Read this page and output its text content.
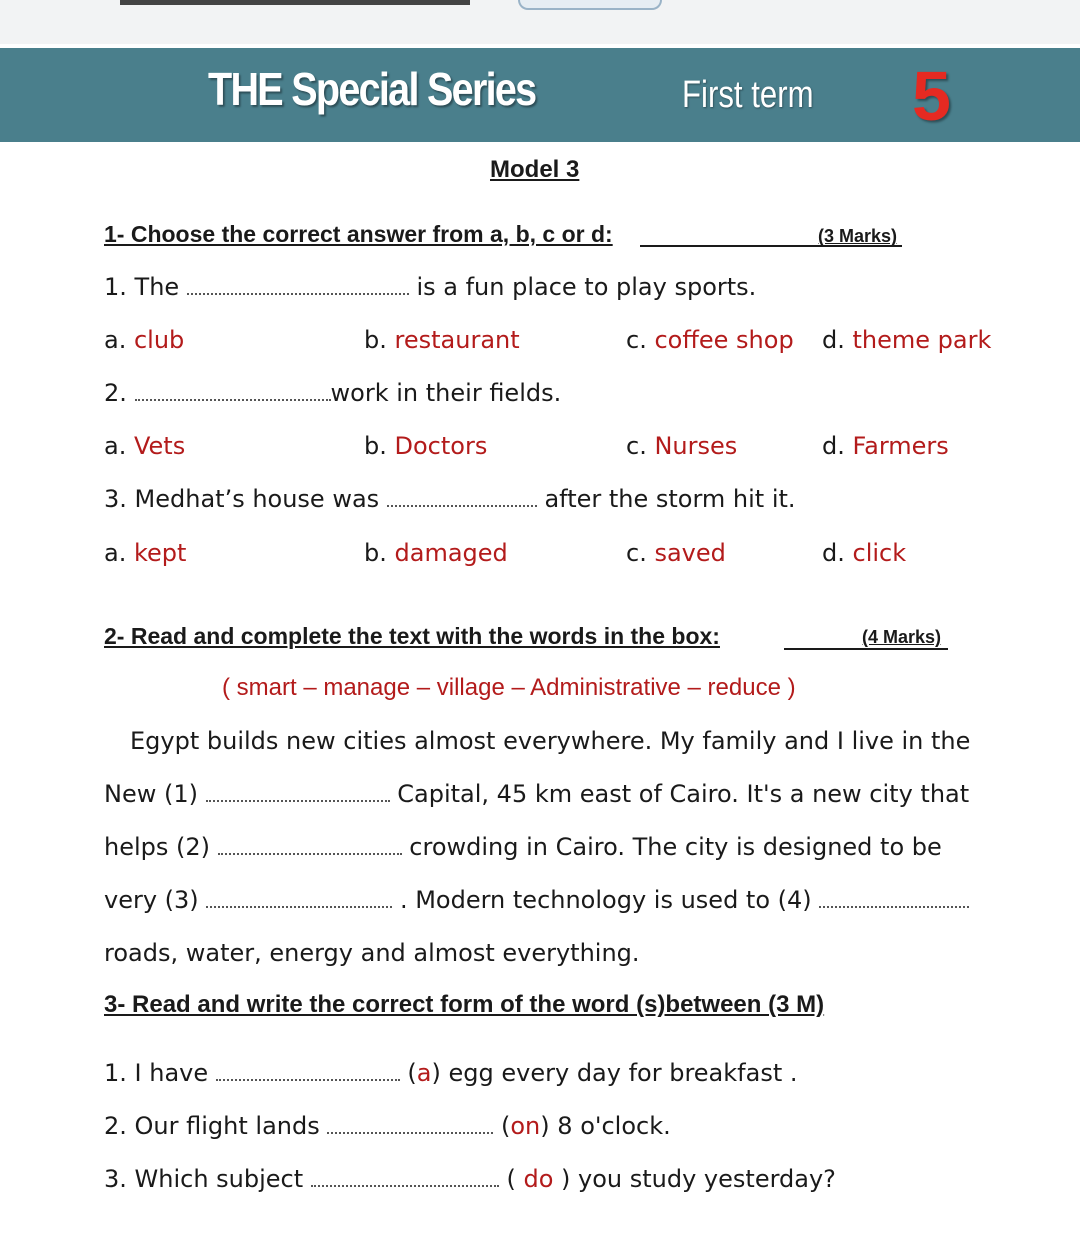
THE Special Series	First term 5
Model 3
1- Choose the correct answer from a, b, c or d:	(3 Marks)
1. The	is a fun place to play sports.
a. club	b. restaurant	c. coffee shop d. theme park
2.	work in their fields.
a. Vets	b. Doctors	c. Nurses	d. Farmers
3. Medhat’s house was	after the storm hit it.
a. kept	b. damaged	c. saved	d. click
2- Read and complete the text with the words in the box:	(4 Marks)
( smart – manage – village – Administrative – reduce )
Egypt builds new cities almost everywhere. My family and I live in the
New (1)	Capital, 45 km east of Cairo. It's a new city that
helps (2)	crowding in Cairo. The city is designed to be
very (3)	. Modern technology is used to (4)
roads, water, energy and almost everything.
3- Read and write the correct form of the word (s)between (3 M)
1. I have	(a) egg every day for breakfast .
2. Our flight lands	(on) 8 o'clock.
3. Which subject	( do ) you study yesterday?
